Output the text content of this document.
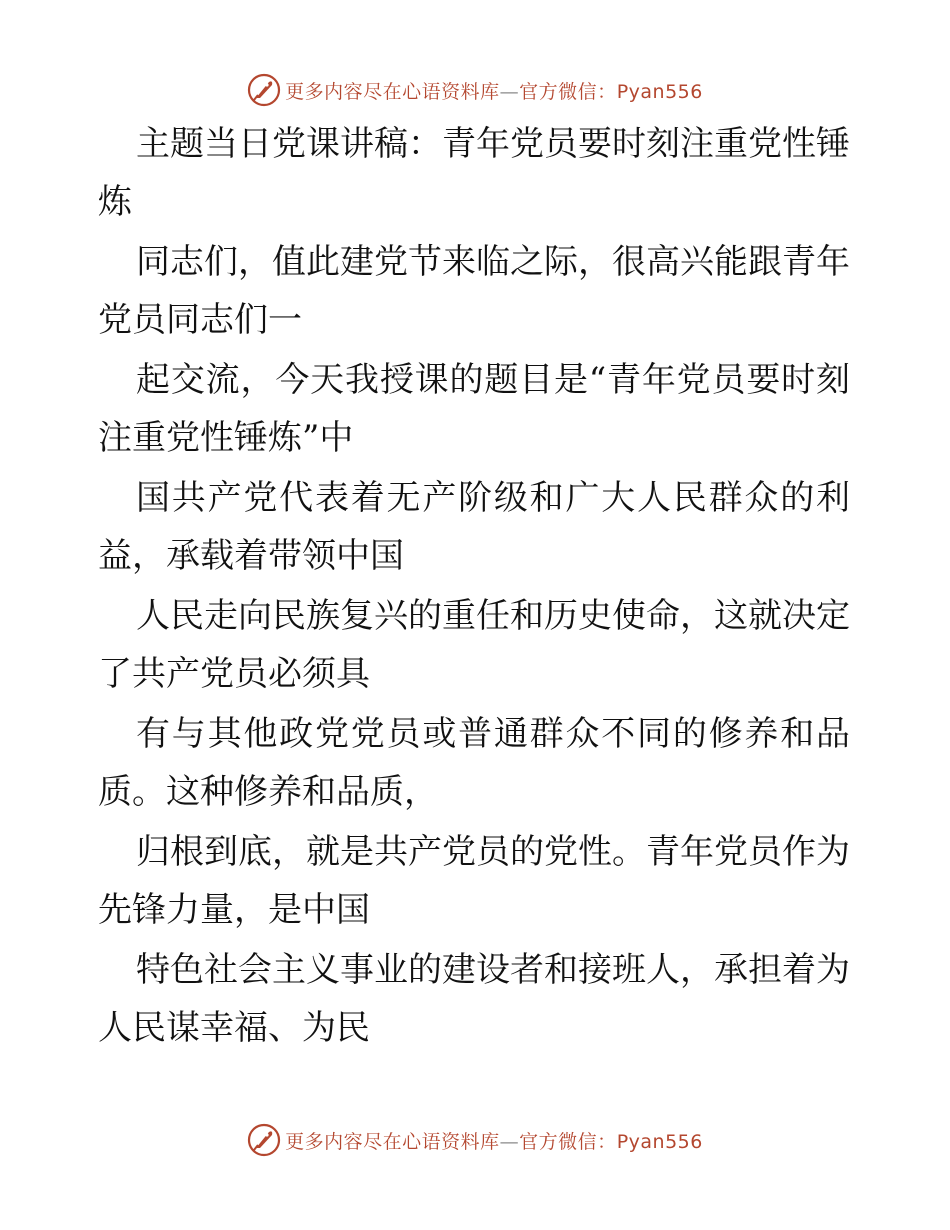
更多内容尽在心语资料库—官方微信：Pyan556
主题当日党课讲稿：青年党员要时刻注重党性锤
炼
同志们，值此建党节来临之际，很高兴能跟青年
党员同志们一
起交流，今天我授课的题目是“青年党员要时刻
注重党性锤炼”中
国共产党代表着无产阶级和广大人民群众的利
益，承载着带领中国
人民走向民族复兴的重任和历史使命，这就决定
了共产党员必须具
有与其他政党党员或普通群众不同的修养和品
质。这种修养和品质，
归根到底，就是共产党员的党性。青年党员作为
先锋力量，是中国
特色社会主义事业的建设者和接班人，承担着为
人民谋幸福、为民
更多内容尽在心语资料库—官方微信：Pyan556
